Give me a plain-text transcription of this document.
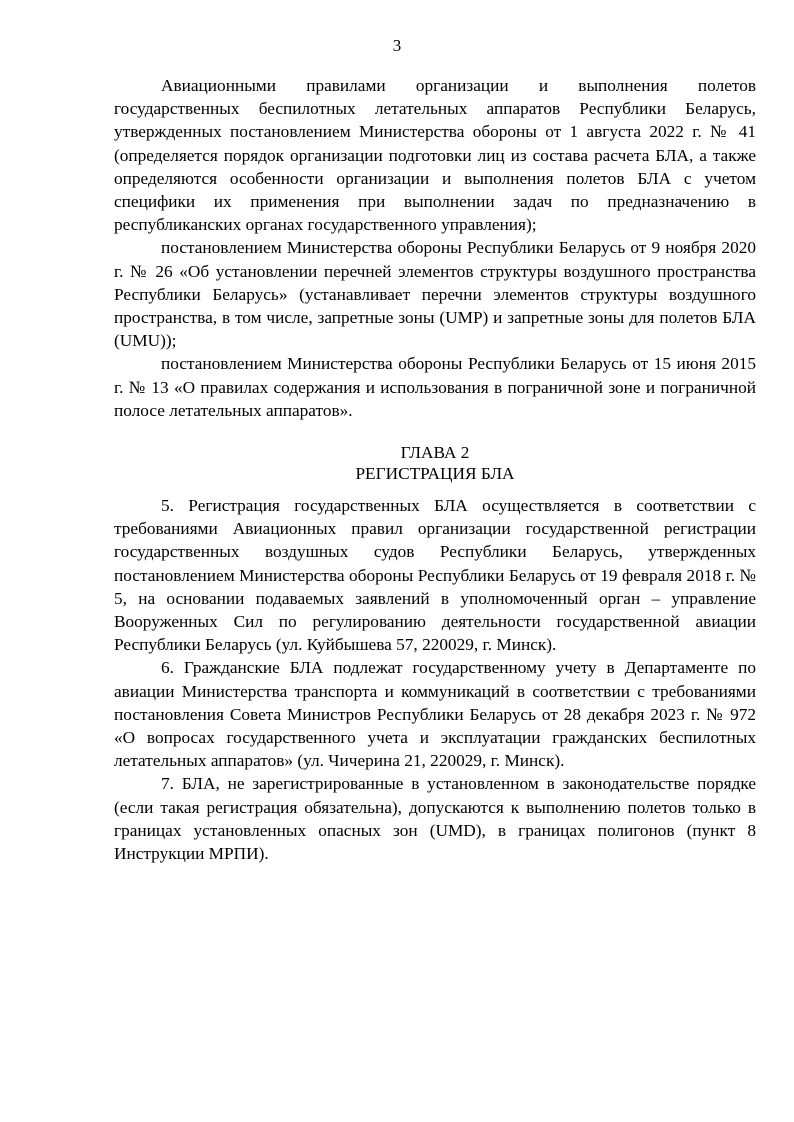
3

Авиационными правилами организации и выполнения полетов государственных беспилотных летательных аппаратов Республики Беларусь, утвержденных постановлением Министерства обороны от 1 августа 2022 г. № 41 (определяется порядок организации подготовки лиц из состава расчета БЛА, а также определяются особенности организации и выполнения полетов БЛА с учетом специфики их применения при выполнении задач по предназначению в республиканских органах государственного управления);

постановлением Министерства обороны Республики Беларусь от 9 ноября 2020 г. № 26 «Об установлении перечней элементов структуры воздушного пространства Республики Беларусь» (устанавливает перечни элементов структуры воздушного пространства, в том числе, запретные зоны (UMP) и запретные зоны для полетов БЛА (UMU));

постановлением Министерства обороны Республики Беларусь от 15 июня 2015 г. № 13 «О правилах содержания и использования в пограничной зоне и пограничной полосе летательных аппаратов».

ГЛАВА 2
РЕГИСТРАЦИЯ БЛА

5. Регистрация государственных БЛА осуществляется в соответствии с требованиями Авиационных правил организации государственной регистрации государственных воздушных судов Республики Беларусь, утвержденных постановлением Министерства обороны Республики Беларусь от 19 февраля 2018 г. № 5, на основании подаваемых заявлений в уполномоченный орган – управление Вооруженных Сил по регулированию деятельности государственной авиации Республики Беларусь (ул. Куйбышева 57, 220029, г. Минск).

6. Гражданские БЛА подлежат государственному учету в Департаменте по авиации Министерства транспорта и коммуникаций в соответствии с требованиями постановления Совета Министров Республики Беларусь от 28 декабря 2023 г. № 972 «О вопросах государственного учета и эксплуатации гражданских беспилотных летательных аппаратов» (ул. Чичерина 21, 220029, г. Минск).

7. БЛА, не зарегистрированные в установленном в законодательстве порядке (если такая регистрация обязательна), допускаются к выполнению полетов только в границах установленных опасных зон (UMD), в границах полигонов (пункт 8 Инструкции МРПИ).
